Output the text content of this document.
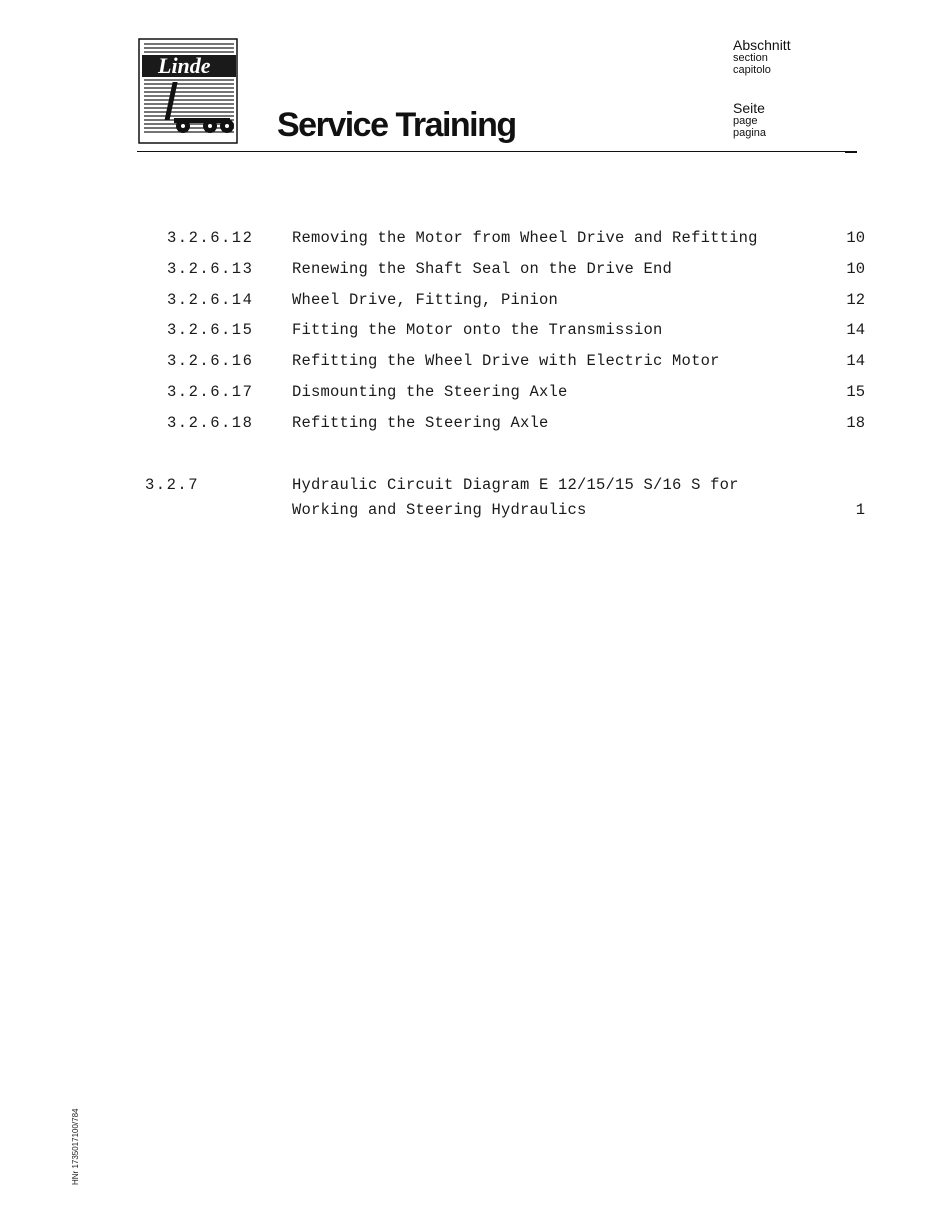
Linde
Service Training
Abschnitt
section
capitolo
Seite
page
pagina
3.2.6.12 Removing the Motor from Wheel Drive and Refitting	10
3.2.6.13 Renewing the Shaft Seal on the Drive End	10
3.2.6.14 Wheel Drive, Fitting, Pinion	12
3.2.6.15 Fitting the Motor onto the Transmission	14
3.2.6.16 Refitting the Wheel Drive with Electric Motor	14
3.2.6.17 Dismounting the Steering Axle	15
3.2.6.18 Refitting the Steering Axle	18
3.2.7	Hydraulic Circuit Diagram E 12/15/15 S/16 S for
Working and Steering Hydraulics	1
HNr 1735017100/784
